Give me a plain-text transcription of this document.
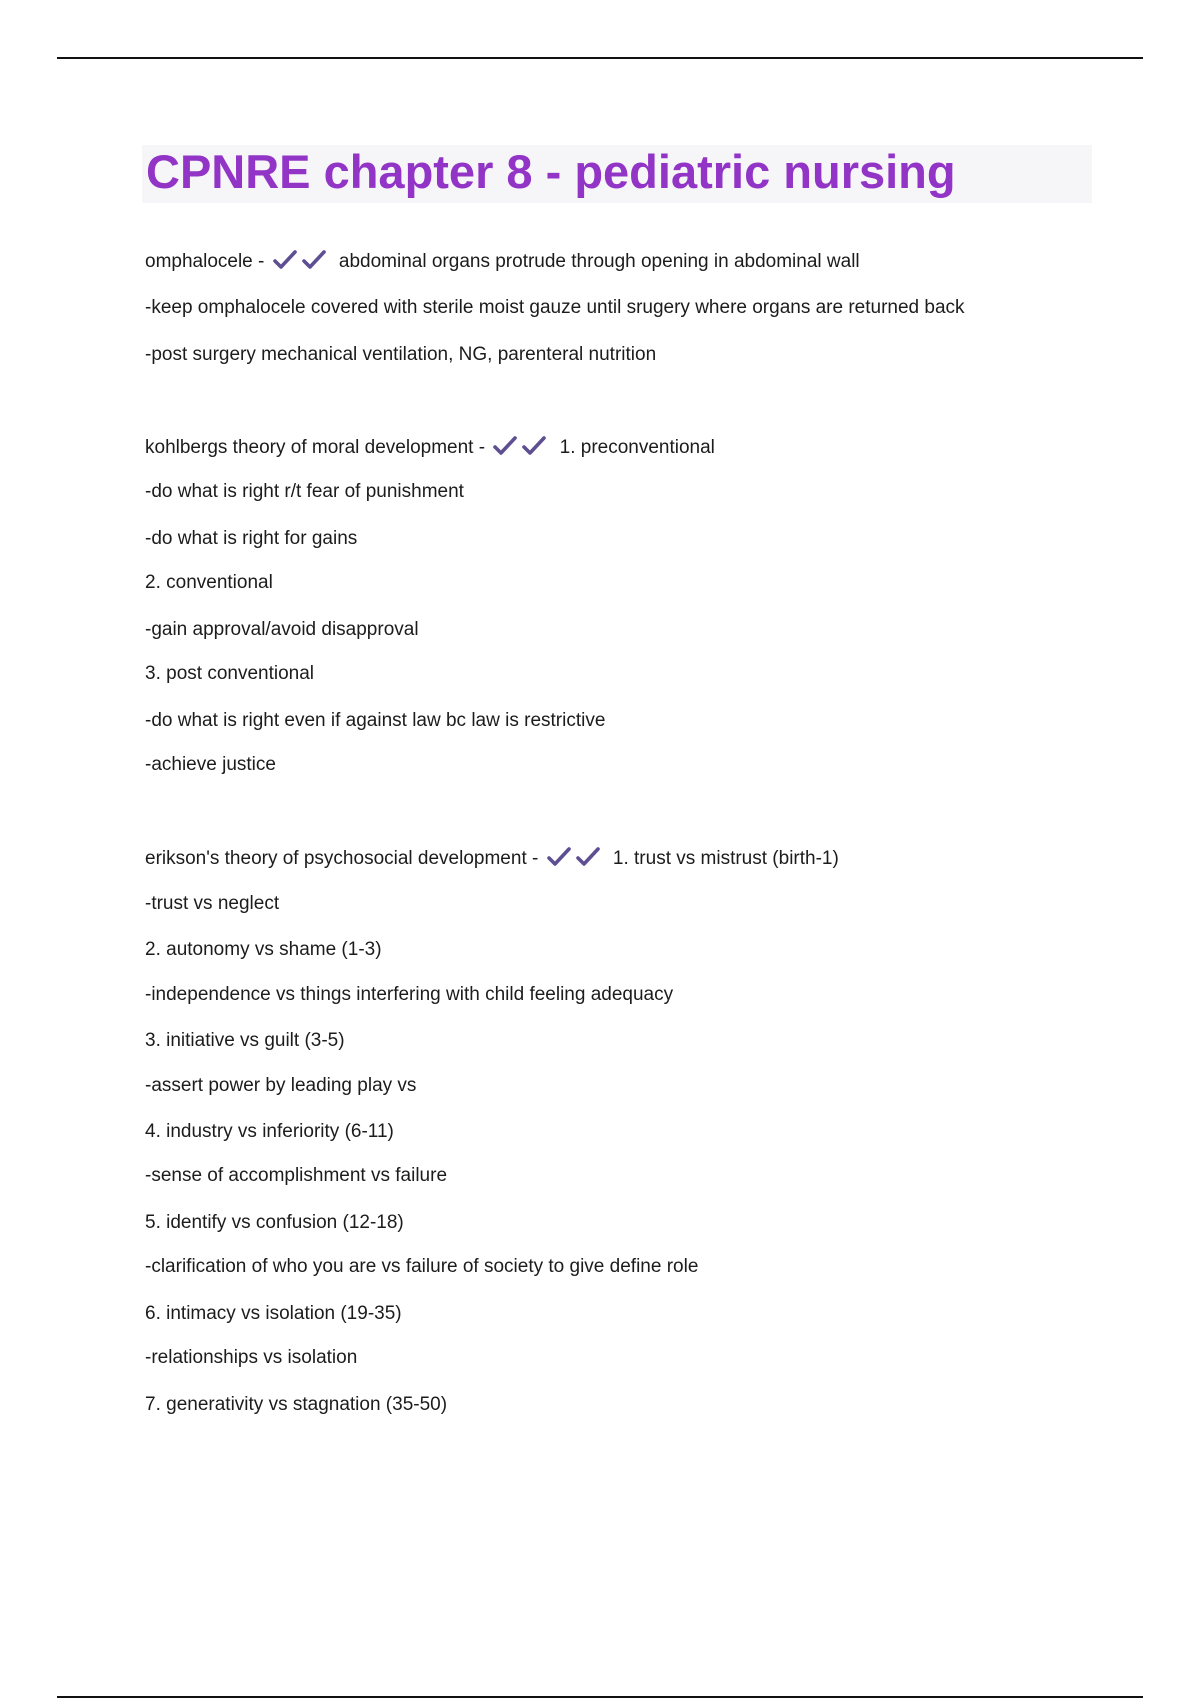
CPNRE chapter 8 - pediatric nursing
omphalocele -	abdominal organs protrude through opening in abdominal wall
-keep omphalocele covered with sterile moist gauze until srugery where organs are returned back
-post surgery mechanical ventilation, NG, parenteral nutrition
kohlbergs theory of moral development -	1. preconventional
-do what is right r/t fear of punishment
-do what is right for gains
2. conventional
-gain approval/avoid disapproval
3. post conventional
-do what is right even if against law bc law is restrictive
-achieve justice
erikson's theory of psychosocial development -	1. trust vs mistrust (birth-1)
-trust vs neglect
2. autonomy vs shame (1-3)
-independence vs things interfering with child feeling adequacy
3. initiative vs guilt (3-5)
-assert power by leading play vs
4. industry vs inferiority (6-11)
-sense of accomplishment vs failure
5. identify vs confusion (12-18)
-clarification of who you are vs failure of society to give define role
6. intimacy vs isolation (19-35)
-relationships vs isolation
7. generativity vs stagnation (35-50)
